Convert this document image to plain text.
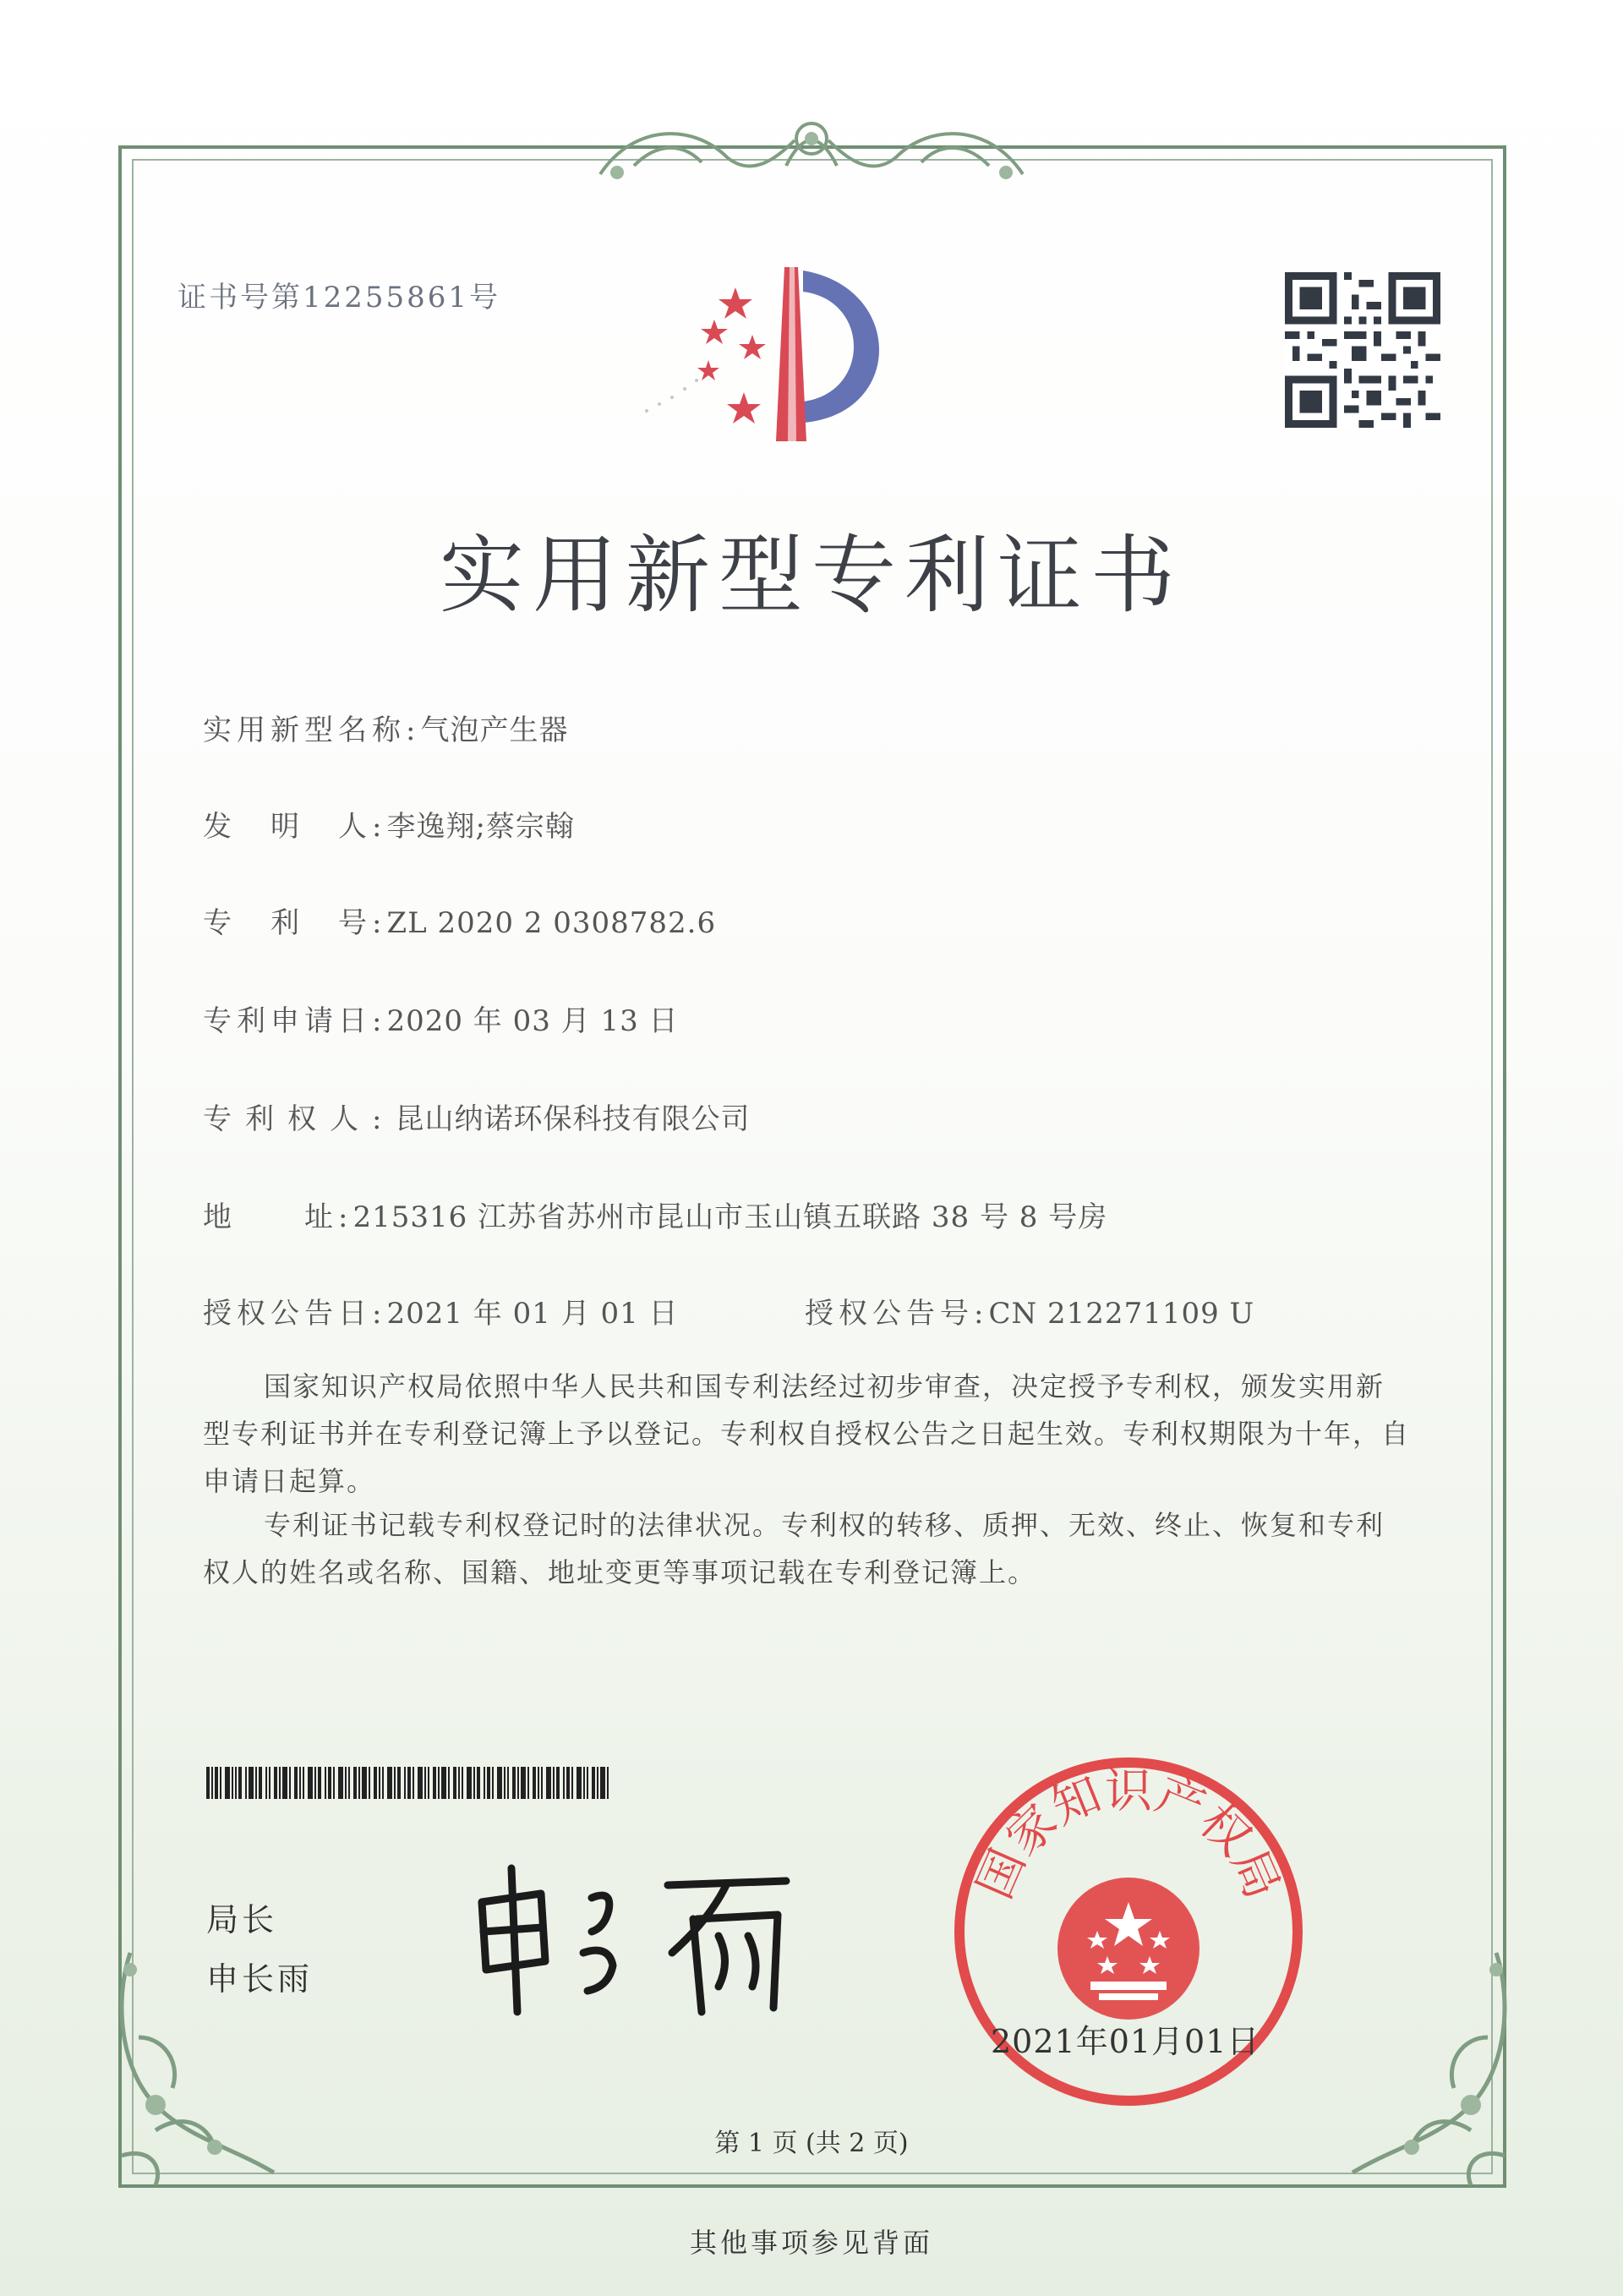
证书号第12255861号
实用新型专利证书
实用新型名称:气泡产生器
发　明　人:李逸翔;蔡宗翰
专　利　号:ZL 2020 2 0308782.6
专利申请日:2020 年 03 月 13 日
专利权人:昆山纳诺环保科技有限公司
地　　址:215316 江苏省苏州市昆山市玉山镇五联路 38 号 8 号房
授权公告日:2021 年 01 月 01 日	授权公告号:CN 212271109 U

国家知识产权局依照中华人民共和国专利法经过初步审查，决定授予专利权，颁发实用新型专利证书并在专利登记簿上予以登记。专利权自授权公告之日起生效。专利权期限为十年，自申请日起算。

专利证书记载专利权登记时的法律状况。专利权的转移、质押、无效、终止、恢复和专利权人的姓名或名称、国籍、地址变更等事项记载在专利登记簿上。

局长
申长雨
国家知识产权局
2021年01月01日
第 1 页 (共 2 页)
其他事项参见背面
